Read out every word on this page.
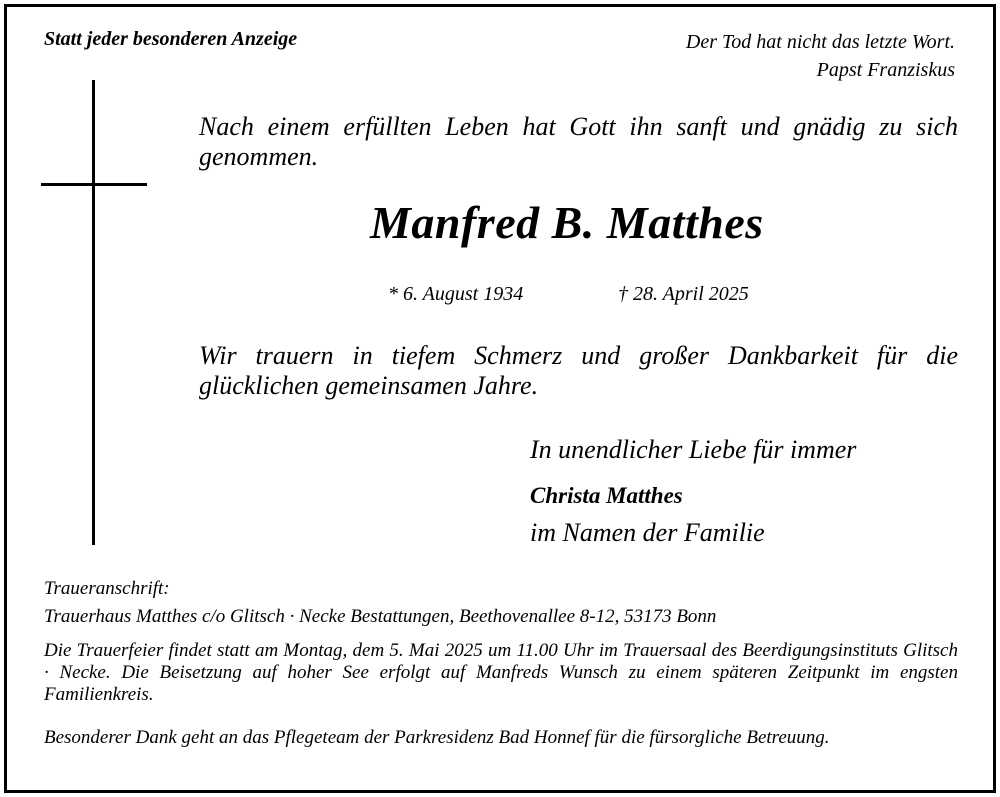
Statt jeder besonderen Anzeige	Der Tod hat nicht das letzte Wort.
Papst Franziskus
Nach einem erfüllten Leben hat Gott ihn sanft und gnädig zu sich genommen.
Manfred B. Matthes
* 6. August 1934	† 28. April 2025
Wir trauern in tiefem Schmerz und großer Dankbarkeit für die glücklichen gemeinsamen Jahre.
In unendlicher Liebe für immer
Christa Matthes
im Namen der Familie
Traueranschrift:
Trauerhaus Matthes c/o Glitsch · Necke Bestattungen, Beethovenallee 8-12, 53173 Bonn
Die Trauerfeier findet statt am Montag, dem 5. Mai 2025 um 11.00 Uhr im Trauersaal des Beerdigungsinstituts Glitsch · Necke. Die Beisetzung auf hoher See erfolgt auf Manfreds Wunsch zu einem späteren Zeitpunkt im engsten Familienkreis.
Besonderer Dank geht an das Pflegeteam der Parkresidenz Bad Honnef für die fürsorgliche Betreuung.
